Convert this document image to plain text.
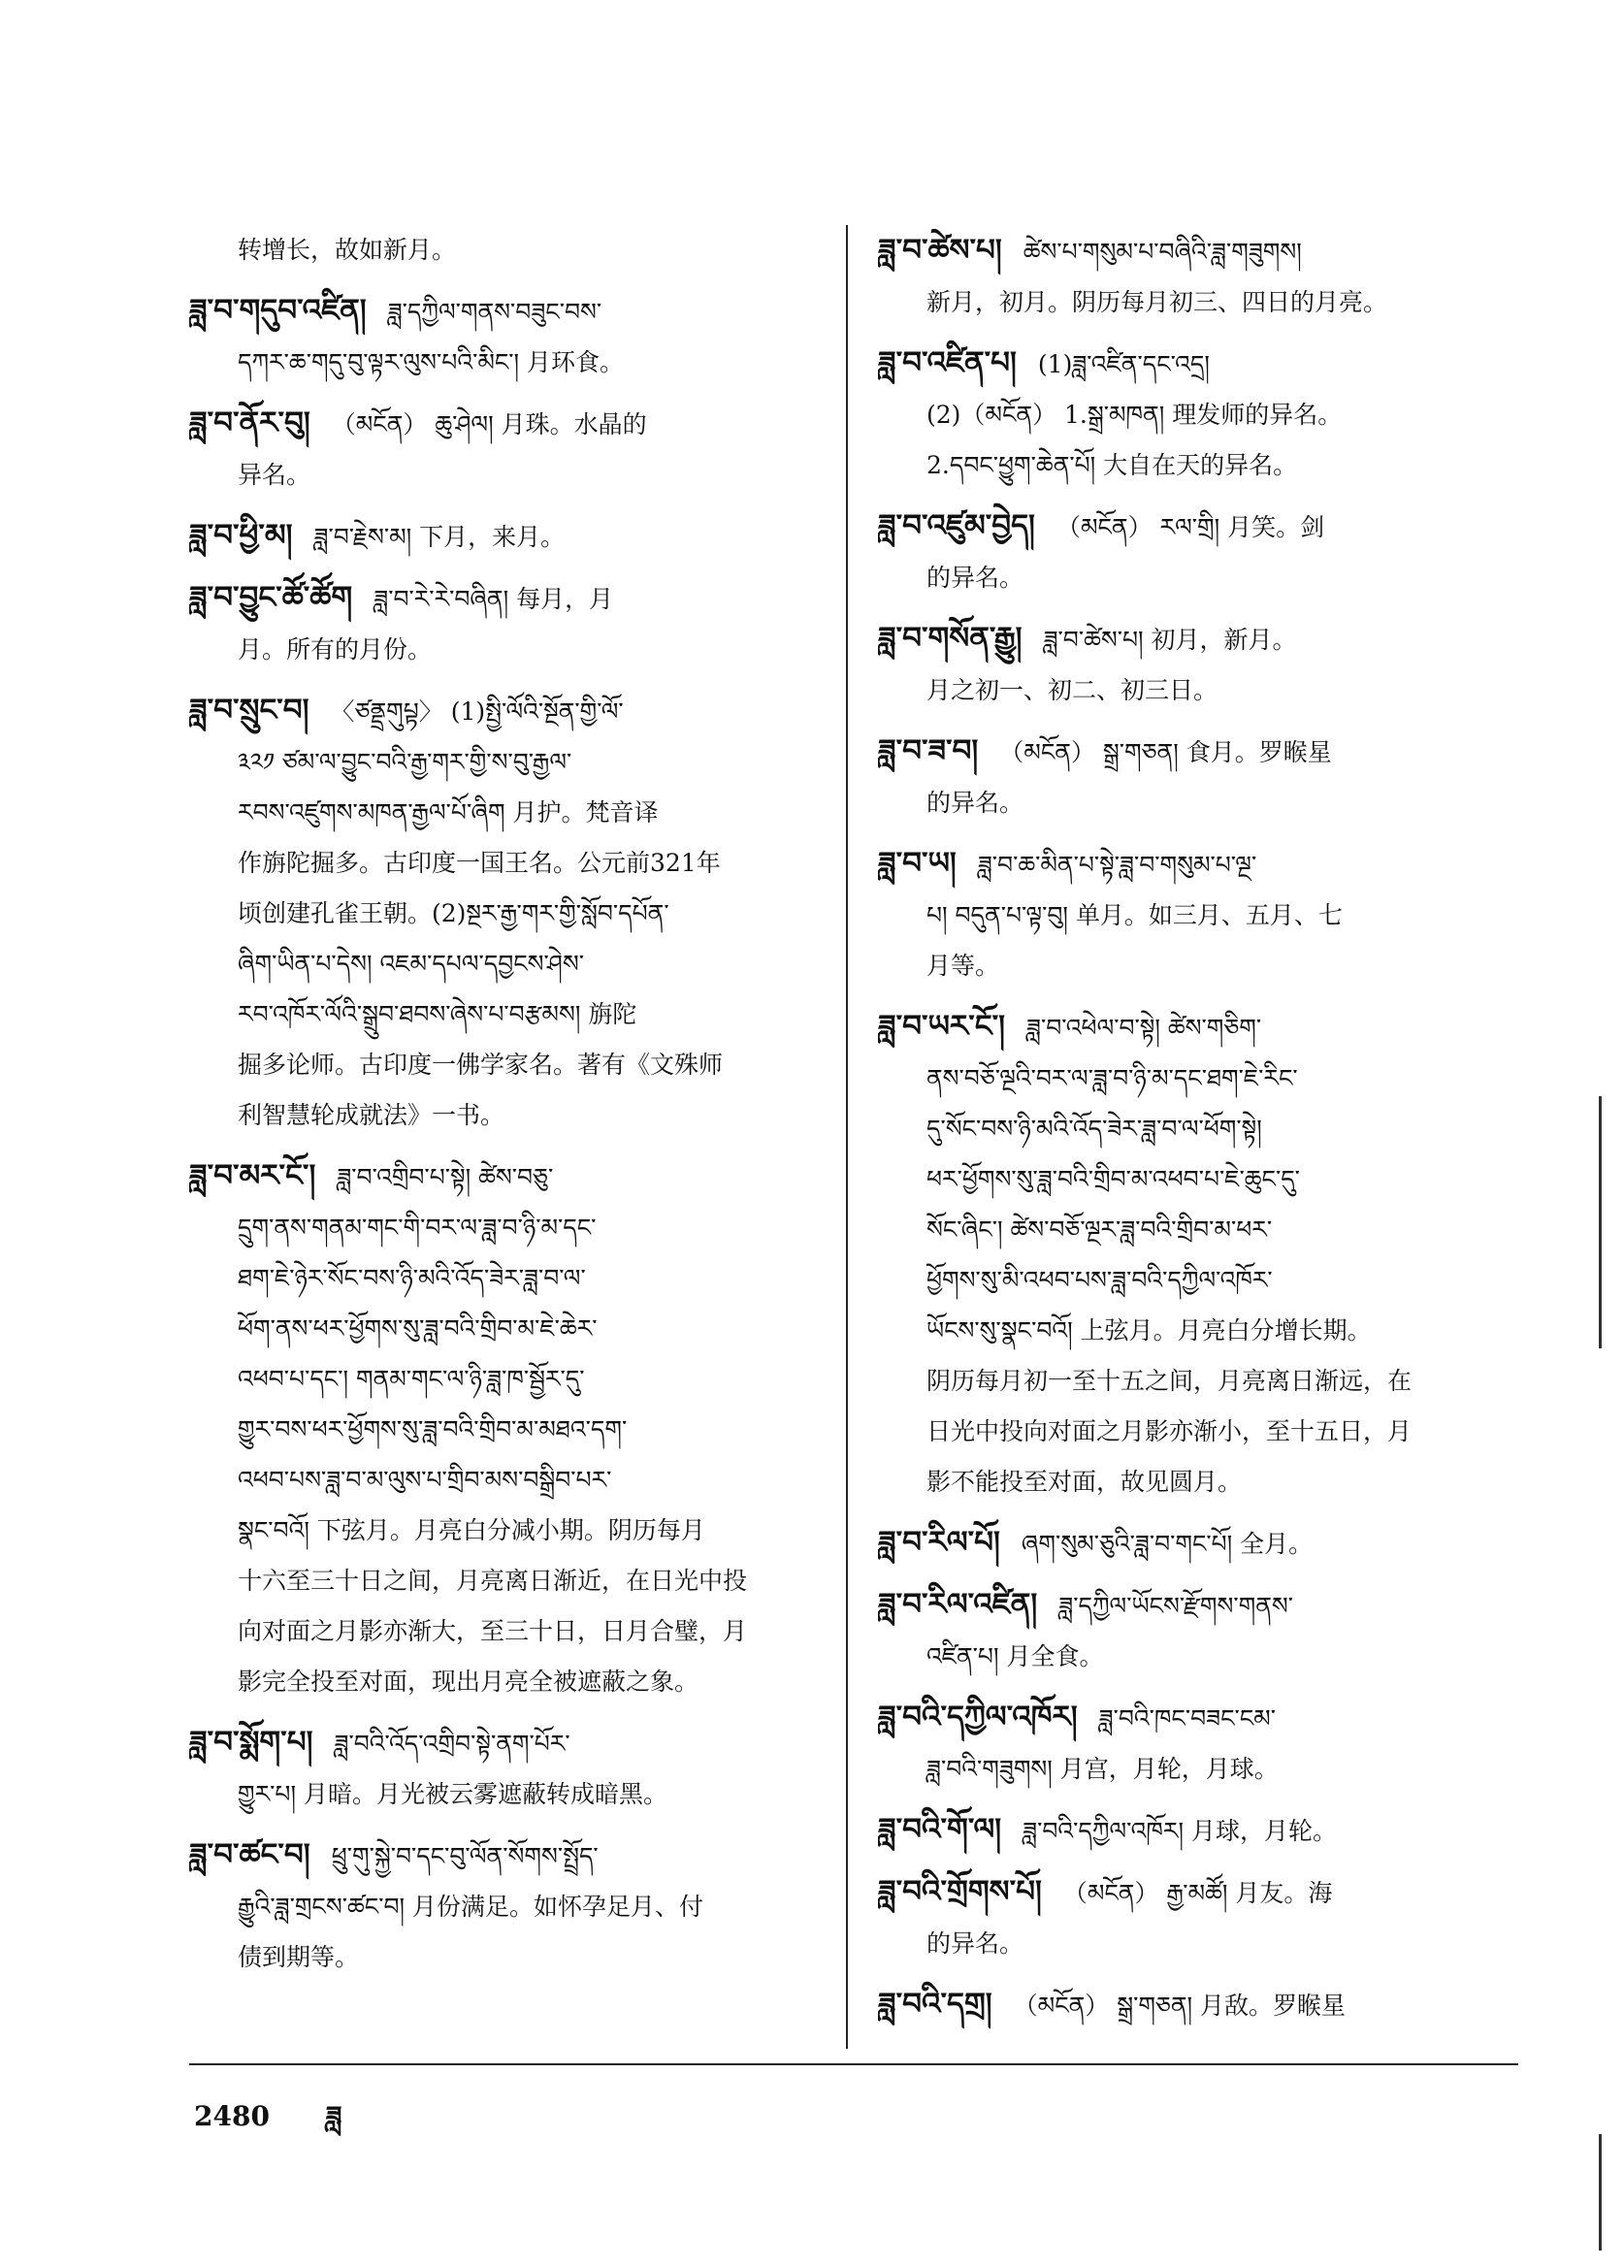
转增长，故如新月。
ཟླ་བ་གདུབ་འཛིན། ཟླ་དཀྱིལ་གནས་བཟུང་བས་
དཀར་ཆ་གདུ་བུ་ལྟར་ལུས་པའི་མིང་། 月环食。
ཟླ་བ་ནོར་བུ། （མངོན） ཆུ་ཤེལ། 月珠。水晶的
异名。
ཟླ་བ་ཕྱི་མ། ཟླ་བ་རྗེས་མ། 下月，来月。
ཟླ་བ་བྱུང་ཚོ་ཚོག ཟླ་བ་རེ་རེ་བཞིན། 每月，月
月。所有的月份。
ཟླ་བ་སྲུང་བ། 〈ཙནྡྲགུཔྟ〉 (1)སྤྱི་ལོའི་སྔོན་གྱི་ལོ་
༣༢༡ ཙམ་ལ་བྱུང་བའི་རྒྱ་གར་གྱི་ས་བུ་རྒྱལ་
རབས་འཛུགས་མཁན་རྒྱལ་པོ་ཞིག 月护。梵音译
作旃陀掘多。古印度一国王名。公元前321年
顷创建孔雀王朝。(2)སྔར་རྒྱ་གར་གྱི་སློབ་དཔོན་
ཞིག་ཡིན་པ་དེས། འཇམ་དཔལ་དབྱངས་ཤེས་
རབ་འཁོར་ལོའི་སྒྲུབ་ཐབས་ཞེས་པ་བརྩམས། 旃陀
掘多论师。古印度一佛学家名。著有《文殊师
利智慧轮成就法》一书。
ཟླ་བ་མར་ངོ་། ཟླ་བ་འགྲིབ་པ་སྟེ། ཚེས་བཅུ་
དྲུག་ནས་གནམ་གང་གི་བར་ལ་ཟླ་བ་ཉི་མ་དང་
ཐག་ཇེ་ཉེར་སོང་བས་ཉི་མའི་འོད་ཟེར་ཟླ་བ་ལ་
ཕོག་ནས་ཕར་ཕྱོགས་སུ་ཟླ་བའི་གྲིབ་མ་ཇེ་ཆེར་
འཕབ་པ་དང་། གནམ་གང་ལ་ཉི་ཟླ་ཁ་སྦྱོར་དུ་
གྱུར་བས་ཕར་ཕྱོགས་སུ་ཟླ་བའི་གྲིབ་མ་མཐའ་དག་
འཕབ་པས་ཟླ་བ་མ་ལུས་པ་གྲིབ་མས་བསྒྲིབ་པར་
སྣང་བའོ། 下弦月。月亮白分减小期。阴历每月
十六至三十日之间，月亮离日渐近，在日光中投
向对面之月影亦渐大，至三十日，日月合璧，月
影完全投至对面，现出月亮全被遮蔽之象。
ཟླ་བ་སྨོག་པ། ཟླ་བའི་འོད་འགྲིབ་སྟེ་ནག་པོར་
གྱུར་པ། 月暗。月光被云雾遮蔽转成暗黑。
ཟླ་བ་ཚང་བ། ཕྲུ་གུ་སྐྱེ་བ་དང་བུ་ལོན་སོགས་སྤྲོད་
རྒྱུའི་ཟླ་གྲངས་ཚང་བ། 月份满足。如怀孕足月、付
债到期等。
ཟླ་བ་ཚེས་པ། ཚེས་པ་གསུམ་པ་བཞིའི་ཟླ་གཟུགས།
新月，初月。阴历每月初三、四日的月亮。
ཟླ་བ་འཛིན་པ། (1)ཟླ་འཛིན་དང་འདྲ།
(2)（མངོན） 1.སྒྲ་མཁན། 理发师的异名。
2.དབང་ཕྱུག་ཆེན་པོ། 大自在天的异名。
ཟླ་བ་འཛུམ་བྱེད། （མངོན） རལ་གྲི། 月笑。剑
的异名。
ཟླ་བ་གསོན་རྒྱུ། ཟླ་བ་ཚེས་པ། 初月，新月。
月之初一、初二、初三日。
ཟླ་བ་ཟ་བ། （མངོན） སྒྲ་གཅན། 食月。罗睺星
的异名。
ཟླ་བ་ཡ། ཟླ་བ་ཆ་མིན་པ་སྟེ་ཟླ་བ་གསུམ་པ་ལྔ་
པ། བདུན་པ་ལྟ་བུ། 单月。如三月、五月、七
月等。
ཟླ་བ་ཡར་ངོ་། ཟླ་བ་འཕེལ་བ་སྟེ། ཚེས་གཅིག་
ནས་བཅོ་ལྔའི་བར་ལ་ཟླ་བ་ཉི་མ་དང་ཐག་ཇེ་རིང་
དུ་སོང་བས་ཉི་མའི་འོད་ཟེར་ཟླ་བ་ལ་ཕོག་སྟེ།
ཕར་ཕྱོགས་སུ་ཟླ་བའི་གྲིབ་མ་འཕབ་པ་ཇེ་ཆུང་དུ་
སོང་ཞིང་། ཚེས་བཅོ་ལྔར་ཟླ་བའི་གྲིབ་མ་ཕར་
ཕྱོགས་སུ་མི་འཕབ་པས་ཟླ་བའི་དཀྱིལ་འཁོར་
ཡོངས་སུ་སྣང་བའོ། 上弦月。月亮白分增长期。
阴历每月初一至十五之间，月亮离日渐远，在
日光中投向对面之月影亦渐小，至十五日，月
影不能投至对面，故见圆月。
ཟླ་བ་རིལ་པོ། ཞག་སུམ་ཅུའི་ཟླ་བ་གང་པོ། 全月。
ཟླ་བ་རིལ་འཛིན། ཟླ་དཀྱིལ་ཡོངས་རྫོགས་གནས་
འཛིན་པ། 月全食。
ཟླ་བའི་དཀྱིལ་འཁོར། ཟླ་བའི་ཁང་བཟང་ངམ་
ཟླ་བའི་གཟུགས། 月宫，月轮，月球。
ཟླ་བའི་གོ་ལ། ཟླ་བའི་དཀྱིལ་འཁོར། 月球，月轮。
ཟླ་བའི་གྲོགས་པོ། （མངོན） རྒྱ་མཚོ། 月友。海
的异名。
ཟླ་བའི་དགྲ། （མངོན） སྒྲ་གཅན། 月敌。罗睺星
2480 ཟླ
